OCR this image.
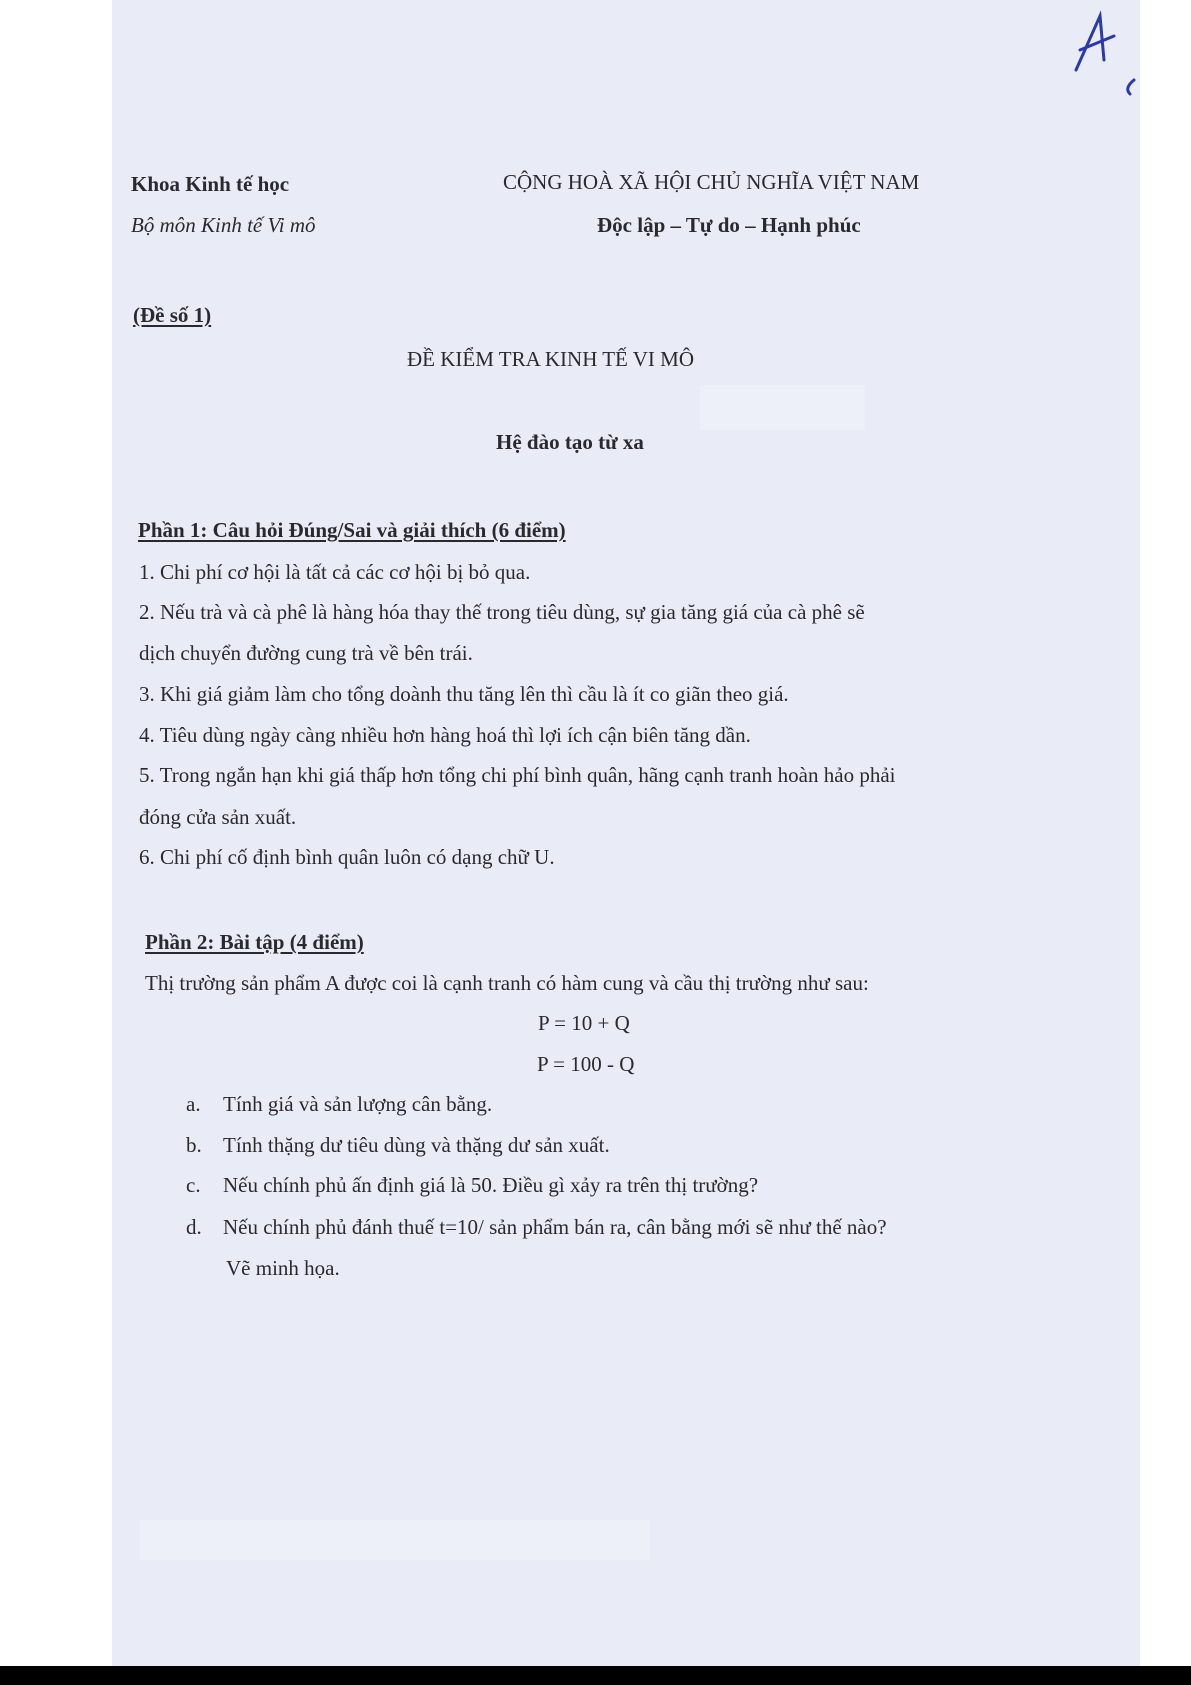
Khoa Kinh tế học
Bộ môn Kinh tế Vi mô
CỘNG HOÀ XÃ HỘI CHỦ NGHĨA VIỆT NAM
Độc lập – Tự do – Hạnh phúc
(Đề số 1)
ĐỀ KIỂM TRA KINH TẾ VI MÔ
Hệ đào tạo từ xa
Phần 1: Câu hỏi Đúng/Sai và giải thích (6 điểm)
1. Chi phí cơ hội là tất cả các cơ hội bị bỏ qua.
2. Nếu trà và cà phê là hàng hóa thay thế trong tiêu dùng, sự gia tăng giá của cà phê sẽ
dịch chuyển đường cung trà về bên trái.
3. Khi giá giảm làm cho tổng doành thu tăng lên thì cầu là ít co giãn theo giá.
4. Tiêu dùng ngày càng nhiều hơn hàng hoá thì lợi ích cận biên tăng dần.
5. Trong ngắn hạn khi giá thấp hơn tổng chi phí bình quân, hãng cạnh tranh hoàn hảo phải
đóng cửa sản xuất.
6. Chi phí cố định bình quân luôn có dạng chữ U.
Phần 2: Bài tập (4 điểm)
Thị trường sản phẩm A được coi là cạnh tranh có hàm cung và cầu thị trường như sau:
P = 10 + Q
P = 100 - Q
a. Tính giá và sản lượng cân bằng.
b. Tính thặng dư tiêu dùng và thặng dư sản xuất.
c. Nếu chính phủ ấn định giá là 50. Điều gì xảy ra trên thị trường?
d. Nếu chính phủ đánh thuế t=10/ sản phẩm bán ra, cân bằng mới sẽ như thế nào?
Vẽ minh họa.
